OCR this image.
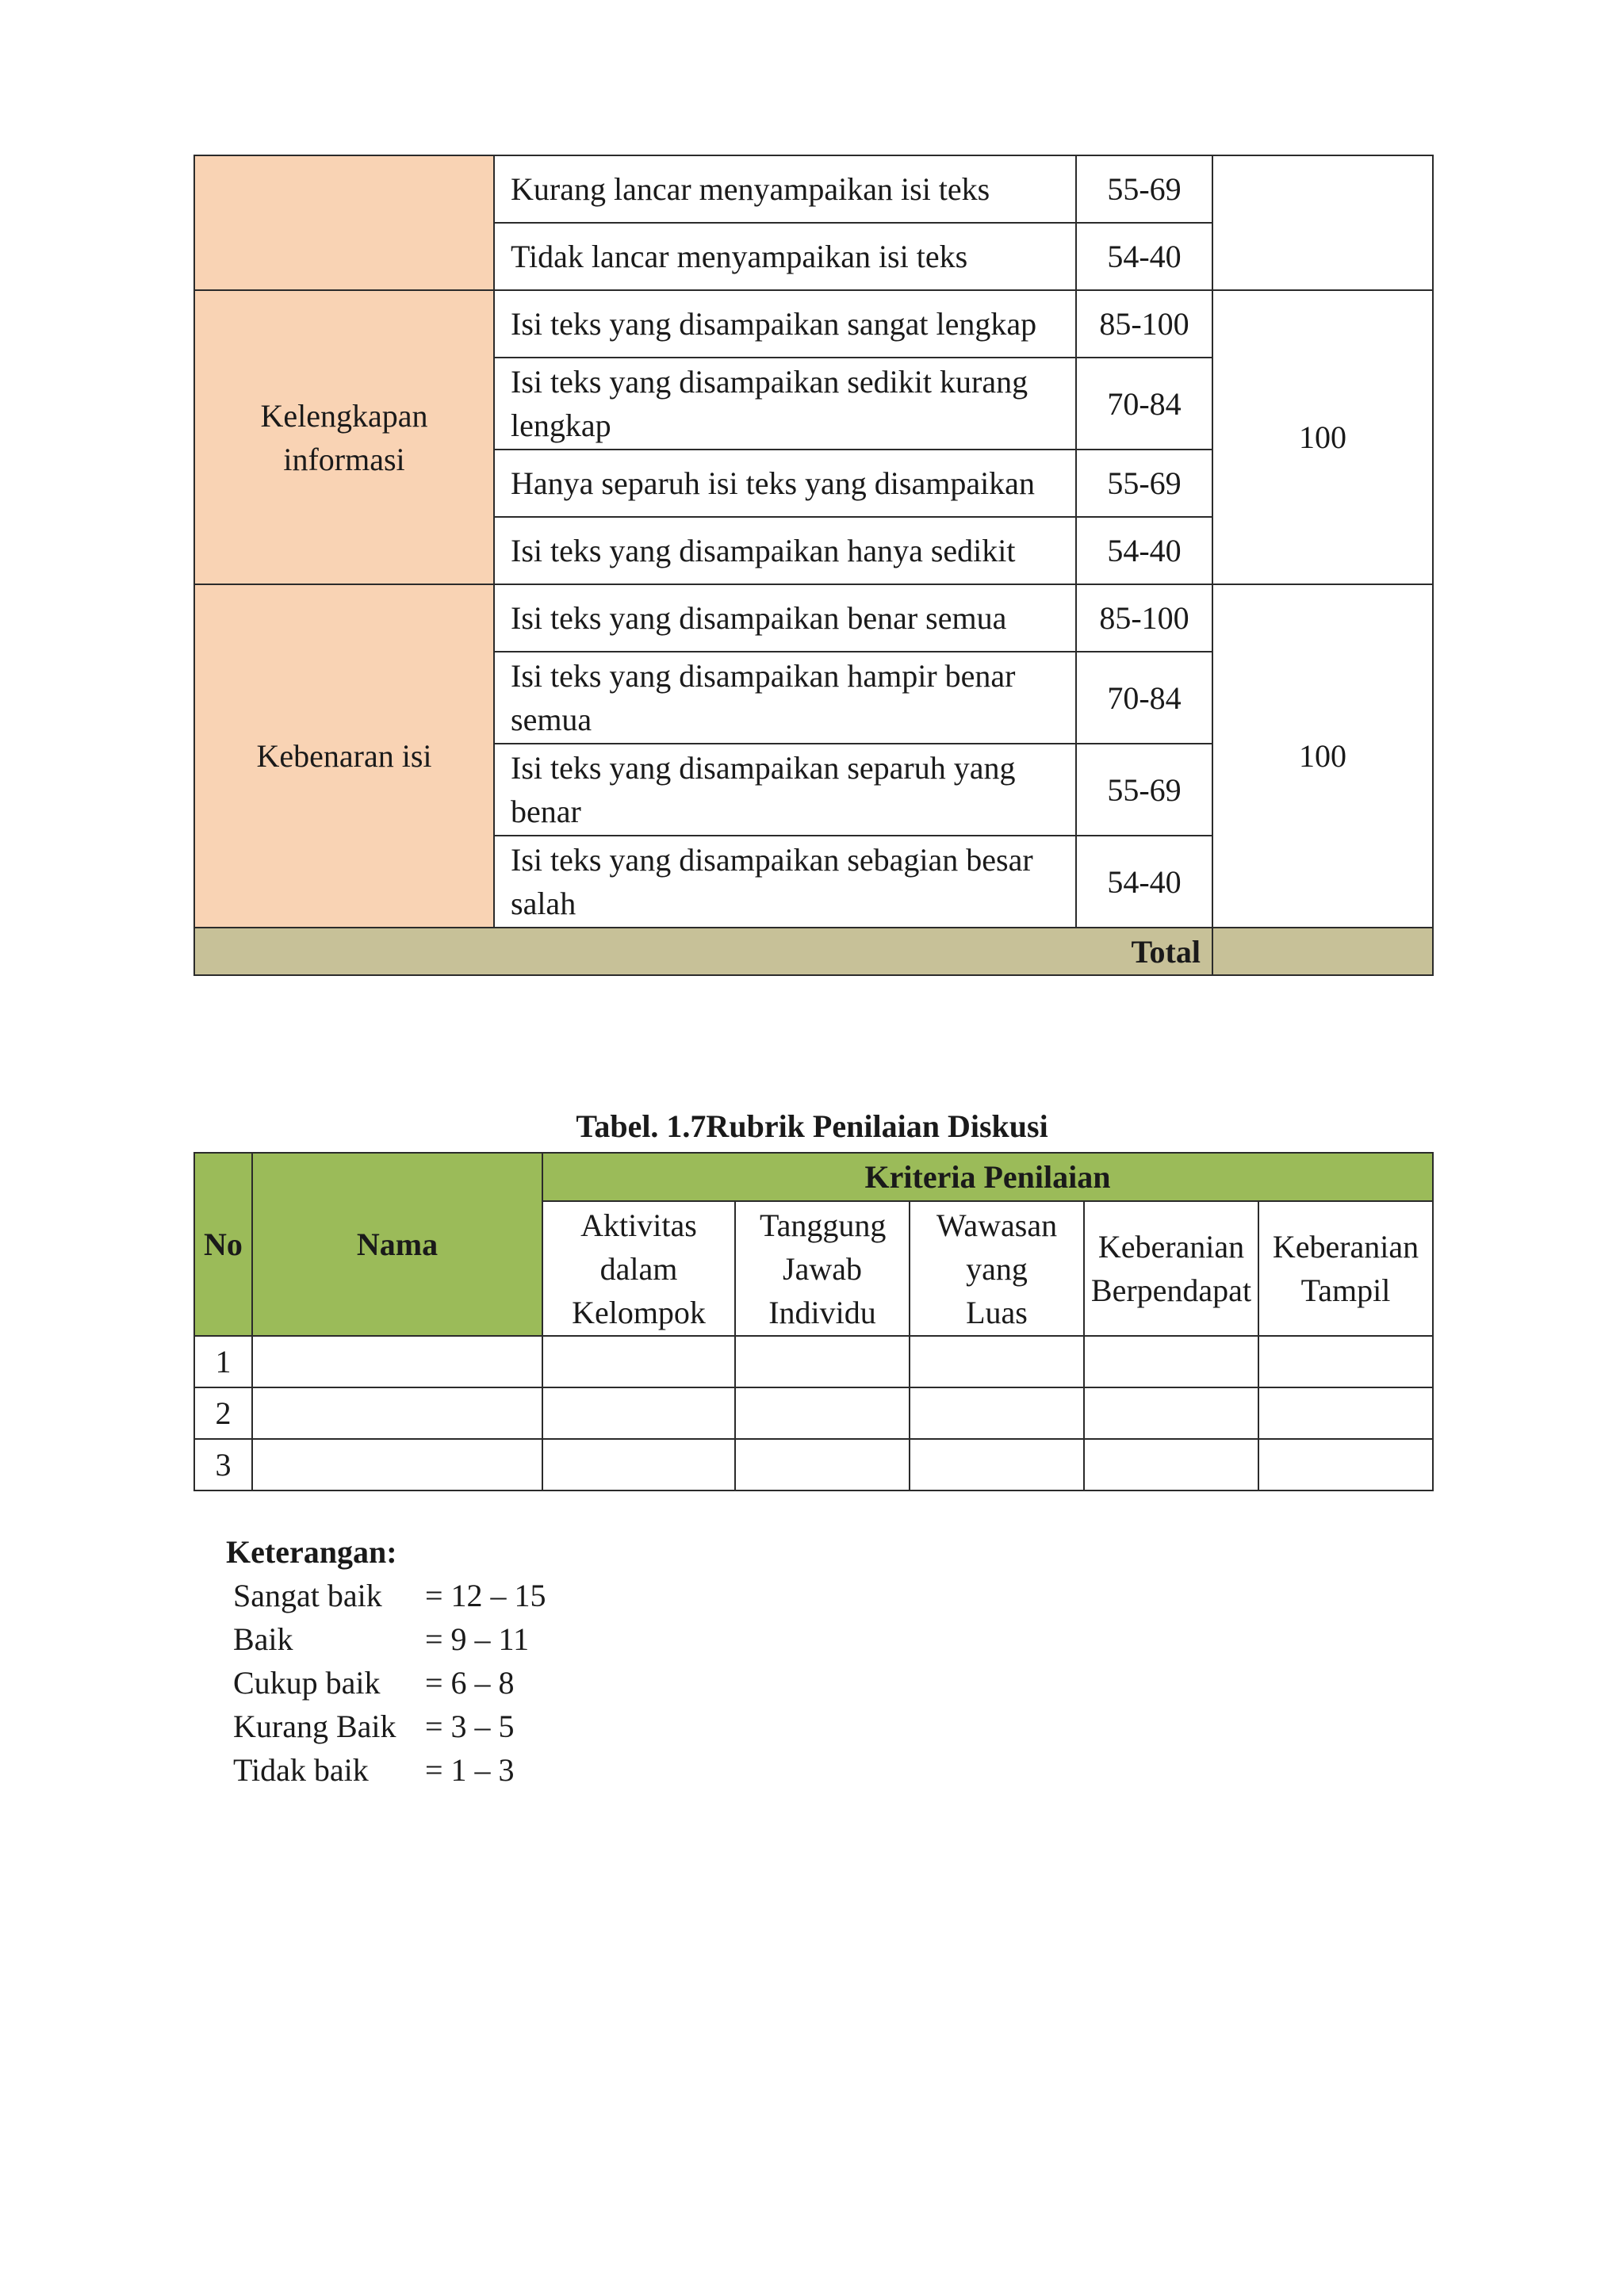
	Kurang lancar menyampaikan isi teks	55-69	
	Tidak lancar menyampaikan isi teks	54-40	
Kelengkapan informasi	Isi teks yang disampaikan sangat lengkap	85-100	100
	Isi teks yang disampaikan sedikit kurang lengkap	70-84	
	Hanya separuh isi teks yang disampaikan	55-69	
	Isi teks yang disampaikan hanya sedikit	54-40	
Kebenaran isi	Isi teks yang disampaikan benar semua	85-100	100
	Isi teks yang disampaikan hampir benar semua	70-84	
	Isi teks yang disampaikan separuh yang benar	55-69	
	Isi teks yang disampaikan sebagian besar salah	54-40	
Total			
Tabel. 1.7Rubrik Penilaian Diskusi
No	Nama	Kriteria Penilaian				
		Aktivitas dalam Kelompok	Tanggung Jawab Individu	Wawasan yang Luas	Keberanian Berpendapat	Keberanian Tampil
1						
2						
3						
Keterangan:
Sangat baik	= 12 – 15
Baik	= 9 – 11
Cukup baik	= 6 – 8
Kurang Baik = 3 – 5
Tidak baik	= 1 – 3
